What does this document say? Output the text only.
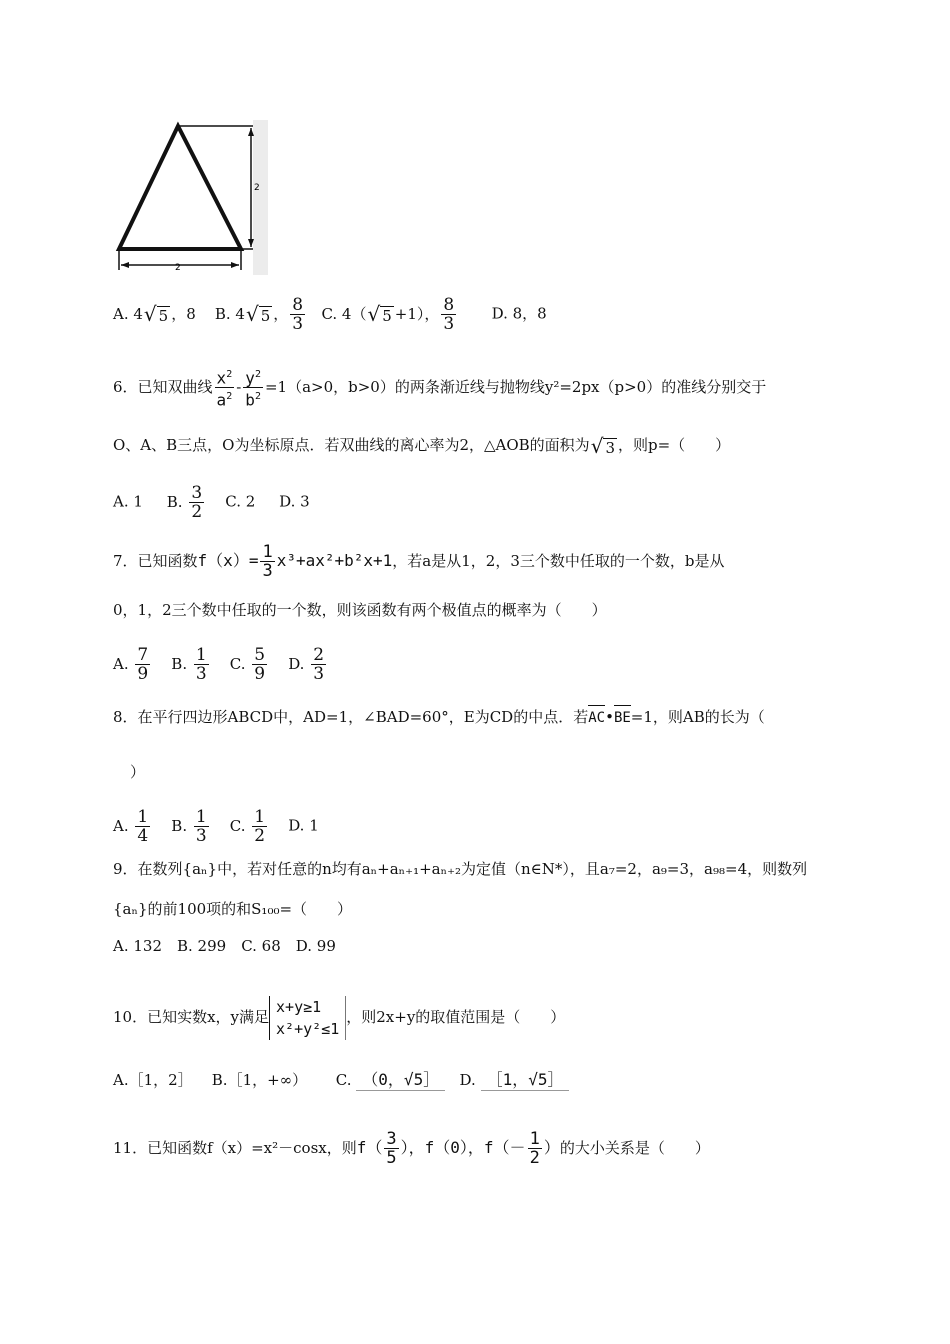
2
2
A. 4 √ 5 ，8 B. 4 √ 5 ， $\frac{8}{3} C$. 4（ √ 5 +1）， $\frac{8}{3} D$. 8，8
6．已知双曲线 $\frac{x^2}{a^2} - \frac{y^2}{b^2} =1(a>0$，b>0）的两条渐近线与抛物线y²=2px（p>0）的准线分别交于
O、A、B三点，O为坐标原点．若双曲线的离心率为2，△AOB的面积为 √ 3 ，则p=（　　）
A. 1 B. $\frac{3}{2} C$. 2 D. 3
7．已知函数$f(x)= \frac{1}{3} x^3+ax^2+b^2x+1$，若a是从1，2，3三个数中任取的一个数，b是从
0，1，2三个数中任取的一个数，则该函数有两个极值点的概率为（　　）
A. $\frac{7}{9} B$. $\frac{1}{3} C$. $\frac{5}{9} D$. $\frac{2}{3}$
8．在平行四边形ABCD中，AD=1，∠BAD=60°，E为CD的中点．若AC•BE=1，则AB的长为（
）
A. $\frac{1}{4} B$. $\frac{1}{3} C$. $\frac{1}{2} D$. 1
9．在数列{aₙ}中，若对任意的n均有aₙ+aₙ₊₁+aₙ₊₂为定值（n∈N*），且a₇=2，a₉=3，a₉₈=4，则数列
{aₙ}的前100项的和S₁₀₀=（　　）
A. 132　B. 299　C. 68　D. 99
10．已知实数x，y满足
x+y≥1
x²+y²≤1
，则2x+y的取值范围是（　　）
A.［1，2］ B.［1，+∞） C. （0，√5］ D. ［1，√5］
11．已知函数f（x）=x²－cosx，则$f( \frac{3}{5}$ ），f（0），$f(- \frac{1}{2}$ ）的大小关系是（　　）
